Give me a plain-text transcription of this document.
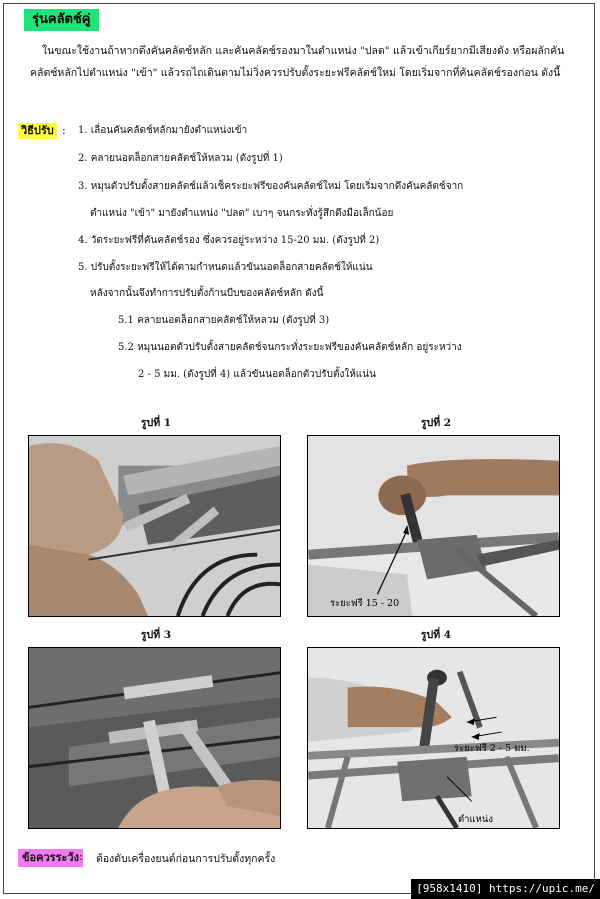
รุ่นคลัตช์คู่

ในขณะใช้งานถ้าหากดึงคันคลัตช์หลัก และคันคลัตช์รองมาในตำแหน่ง "ปลด" แล้วเข้าเกียร์ยากมีเสียงดัง หรือผลักคันคลัตช์หลักไปตำแหน่ง "เข้า" แล้วรถไถเดินตามไม่วิ่งควรปรับตั้งระยะฟรีคลัตช์ใหม่ โดยเริ่มจากที่คันคลัตช์รองก่อน ดังนี้

วิธีปรับ : 1. เลื่อนคันคลัตช์หลักมายังตำแหน่งเข้า
2. คลายนอตล็อกสายคลัตช์ให้หลวม (ดังรูปที่ 1)
3. หมุนตัวปรับตั้งสายคลัตช์แล้วเช็คระยะฟรีของคันคลัตช์ใหม่ โดยเริ่มจากดึงคันคลัตช์จาก
ตำแหน่ง "เข้า" มายังตำแหน่ง "ปลด" เบาๆ จนกระทั่งรู้สึกตึงมือเล็กน้อย
4. วัดระยะฟรีที่คันคลัตช์รอง ซึ่งควรอยู่ระหว่าง 15-20 มม. (ดังรูปที่ 2)
5. ปรับตั้งระยะฟรีให้ได้ตามกำหนดแล้วขันนอตล็อกสายคลัตช์ให้แน่น
หลังจากนั้นจึงทำการปรับตั้งก้านบีบของคลัตช์หลัก ดังนี้
5.1 คลายนอตล็อกสายคลัตช์ให้หลวม (ดังรูปที่ 3)
5.2 หมุนนอตตัวปรับตั้งสายคลัตช์จนกระทั่งระยะฟรีของคันคลัตช์หลัก อยู่ระหว่าง
2 - 5 มม. (ดังรูปที่ 4) แล้วขันนอตล็อกตัวปรับตั้งให้แน่น
รูปที่ 1	รูปที่ 2
รูปที่ 3	รูปที่ 4
ระยะฟรี 15 - 20
ระยะฟรี 2 - 5 มม.
ตำแหน่ง
ข้อควรระวัง : ต้องดับเครื่องยนต์ก่อนการปรับตั้งทุกครั้ง
[958x1410] https://upic.me/
